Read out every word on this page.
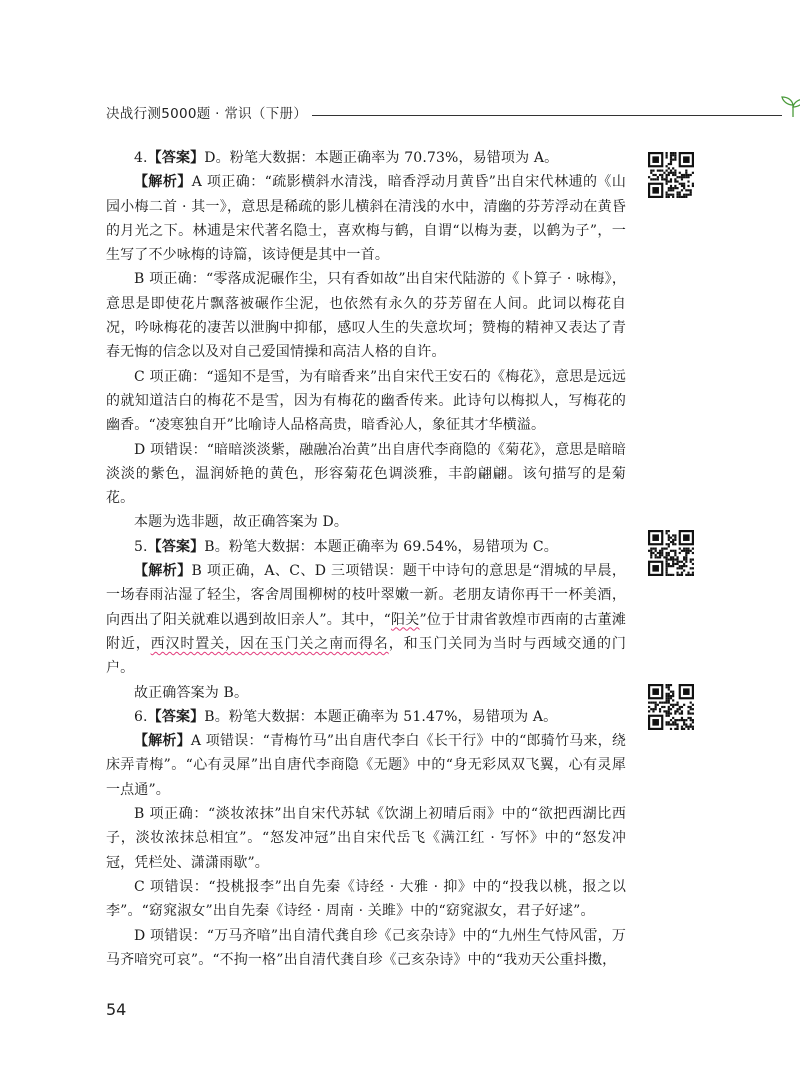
决战行测5000题 · 常识（下册）

4.【答案】D。粉笔大数据：本题正确率为 70.73%，易错项为 A。

【解析】A 项正确：“疏影横斜水清浅，暗香浮动月黄昏”出自宋代林逋的《山园小梅二首 · 其一》，意思是稀疏的影儿横斜在清浅的水中，清幽的芬芳浮动在黄昏的月光之下。林逋是宋代著名隐士，喜欢梅与鹤，自谓“以梅为妻，以鹤为子”，一生写了不少咏梅的诗篇，该诗便是其中一首。

B 项正确：“零落成泥碾作尘，只有香如故”出自宋代陆游的《卜算子 · 咏梅》，意思是即使花片飘落被碾作尘泥，也依然有永久的芬芳留在人间。此词以梅花自况，吟咏梅花的凄苦以泄胸中抑郁，感叹人生的失意坎坷；赞梅的精神又表达了青春无悔的信念以及对自己爱国情操和高洁人格的自许。

C 项正确：“遥知不是雪，为有暗香来”出自宋代王安石的《梅花》，意思是远远的就知道洁白的梅花不是雪，因为有梅花的幽香传来。此诗句以梅拟人，写梅花的幽香。“凌寒独自开”比喻诗人品格高贵，暗香沁人，象征其才华横溢。

D 项错误：“暗暗淡淡紫，融融冶冶黄”出自唐代李商隐的《菊花》，意思是暗暗淡淡的紫色，温润娇艳的黄色，形容菊花色调淡雅，丰韵翩翩。该句描写的是菊花。

本题为选非题，故正确答案为 D。

5.【答案】B。粉笔大数据：本题正确率为 69.54%，易错项为 C。

【解析】B 项正确，A、C、D 三项错误：题干中诗句的意思是“渭城的早晨，一场春雨沾湿了轻尘，客舍周围柳树的枝叶翠嫩一新。老朋友请你再干一杯美酒，向西出了阳关就难以遇到故旧亲人”。其中，“阳关”位于甘肃省敦煌市西南的古董滩附近，西汉时置关，因在玉门关之南而得名，和玉门关同为当时与西域交通的门户。

故正确答案为 B。

6.【答案】B。粉笔大数据：本题正确率为 51.47%，易错项为 A。

【解析】A 项错误：“青梅竹马”出自唐代李白《长干行》中的“郎骑竹马来，绕床弄青梅”。“心有灵犀”出自唐代李商隐《无题》中的“身无彩凤双飞翼，心有灵犀一点通”。

B 项正确：“淡妆浓抹”出自宋代苏轼《饮湖上初晴后雨》中的“欲把西湖比西子，淡妆浓抹总相宜”。“怒发冲冠”出自宋代岳飞《满江红 · 写怀》中的“怒发冲冠，凭栏处、潇潇雨歇”。

C 项错误：“投桃报李”出自先秦《诗经 · 大雅 · 抑》中的“投我以桃，报之以李”。“窈窕淑女”出自先秦《诗经 · 周南 · 关雎》中的“窈窕淑女，君子好逑”。

D 项错误：“万马齐喑”出自清代龚自珍《己亥杂诗》中的“九州生气恃风雷，万马齐喑究可哀”。“不拘一格”出自清代龚自珍《己亥杂诗》中的“我劝天公重抖擞，

54
